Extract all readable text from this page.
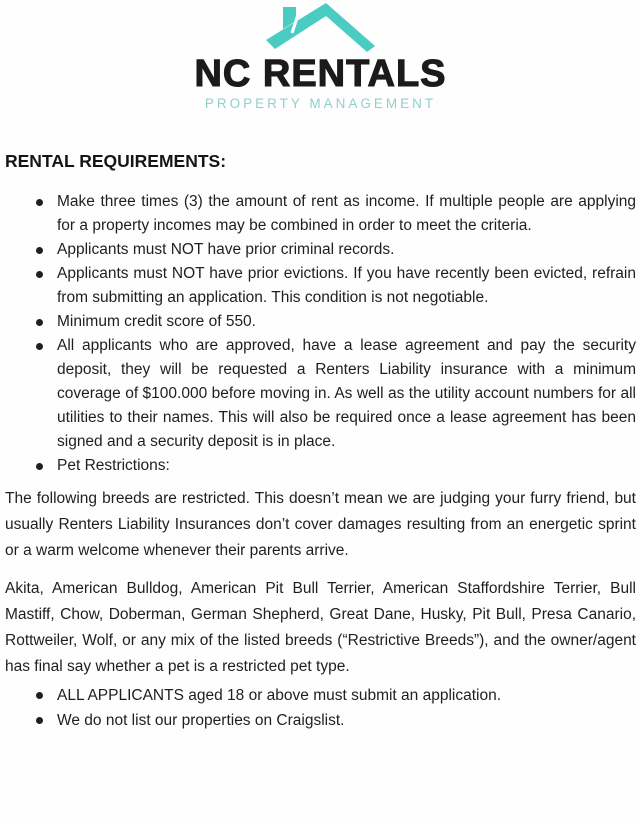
NC RENTALS
PROPERTY MANAGEMENT
RENTAL REQUIREMENTS:
Make three times (3) the amount of rent as income. If multiple people are applying for a property incomes may be combined in order to meet the criteria.
Applicants must NOT have prior criminal records.
Applicants must NOT have prior evictions. If you have recently been evicted, refrain from submitting an application. This condition is not negotiable.
Minimum credit score of 550.
All applicants who are approved, have a lease agreement and pay the security deposit, they will be requested a Renters Liability insurance with a minimum coverage of $100.000 before moving in. As well as the utility account numbers for all utilities to their names. This will also be required once a lease agreement has been signed and a security deposit is in place.
Pet Restrictions:

The following breeds are restricted. This doesn’t mean we are judging your furry friend, but usually Renters Liability Insurances don’t cover damages resulting from an energetic sprint or a warm welcome whenever their parents arrive.

Akita, American Bulldog, American Pit Bull Terrier, American Staffordshire Terrier, Bull Mastiff, Chow, Doberman, German Shepherd, Great Dane, Husky, Pit Bull, Presa Canario, Rottweiler, Wolf, or any mix of the listed breeds (“Restrictive Breeds”), and the owner/agent has final say whether a pet is a restricted pet type.

ALL APPLICANTS aged 18 or above must submit an application.
We do not list our properties on Craigslist.
